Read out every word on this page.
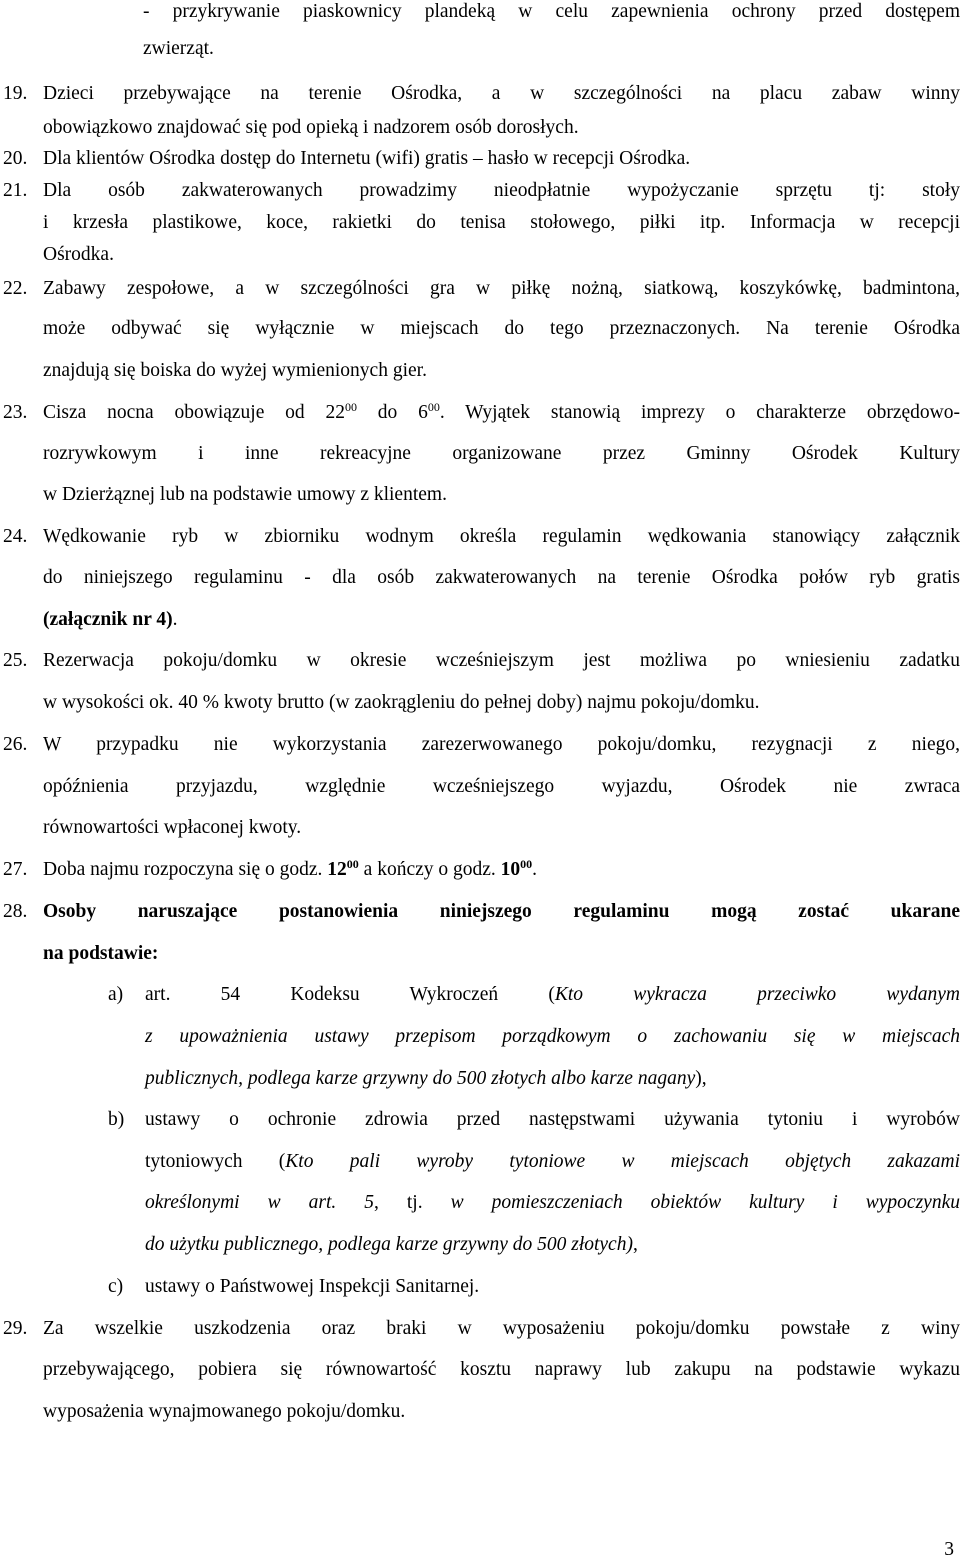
- przykrywanie piaskownicy plandeką w celu zapewnienia ochrony przed dostępem
zwierząt.
19. Dzieci przebywające na terenie Ośrodka, a w szczególności na placu zabaw winny
obowiązkowo znajdować się pod opieką i nadzorem osób dorosłych.
20. Dla klientów Ośrodka dostęp do Internetu (wifi) gratis – hasło w recepcji Ośrodka.
21. Dla osób zakwaterowanych prowadzimy nieodpłatnie wypożyczanie sprzętu tj: stoły
i krzesła plastikowe, koce, rakietki do tenisa stołowego, piłki itp. Informacja w recepcji
Ośrodka.
22. Zabawy zespołowe, a w szczególności gra w piłkę nożną, siatkową, koszykówkę, badmintona,
może odbywać się wyłącznie w miejscach do tego przeznaczonych. Na terenie Ośrodka
znajdują się boiska do wyżej wymienionych gier.
23. Cisza nocna obowiązuje od $22^{00}$ do $6^{00}$. Wyjątek stanowią imprezy o charakterze obrzędowo-
rozrywkowym i inne rekreacyjne organizowane przez Gminny Ośrodek Kultury
w Dzierżąznej lub na podstawie umowy z klientem.
24. Wędkowanie ryb w zbiorniku wodnym określa regulamin wędkowania stanowiący załącznik
do niniejszego regulaminu - dla osób zakwaterowanych na terenie Ośrodka połów ryb gratis
(załącznik nr 4).
25. Rezerwacja pokoju/domku w okresie wcześniejszym jest możliwa po wniesieniu zadatku
w wysokości ok. 40 % kwoty brutto (w zaokrągleniu do pełnej doby) najmu pokoju/domku.
26. W przypadku nie wykorzystania zarezerwowanego pokoju/domku, rezygnacji z niego,
opóźnienia przyjazdu, względnie wcześniejszego wyjazdu, Ośrodek nie zwraca
równowartości wpłaconej kwoty.
27. Doba najmu rozpoczyna się o godz. $12^{00}$ a kończy o godz. $10^{00}$.
28. Osoby naruszające postanowienia niniejszego regulaminu mogą zostać ukarane
na podstawie:
a) art. 54 Kodeksu Wykroczeń (Kto wykracza przeciwko wydanym
z upoważnienia ustawy przepisom porządkowym o zachowaniu się w miejscach
publicznych, podlega karze grzywny do 500 złotych albo karze nagany),
b) ustawy o ochronie zdrowia przed następstwami używania tytoniu i wyrobów
tytoniowych (Kto pali wyroby tytoniowe w miejscach objętych zakazami
określonymi w art. 5, tj. w pomieszczeniach obiektów kultury i wypoczynku
do użytku publicznego, podlega karze grzywny do 500 złotych),
c) ustawy o Państwowej Inspekcji Sanitarnej.
29. Za wszelkie uszkodzenia oraz braki w wyposażeniu pokoju/domku powstałe z winy
przebywającego, pobiera się równowartość kosztu naprawy lub zakupu na podstawie wykazu
wyposażenia wynajmowanego pokoju/domku.
3
